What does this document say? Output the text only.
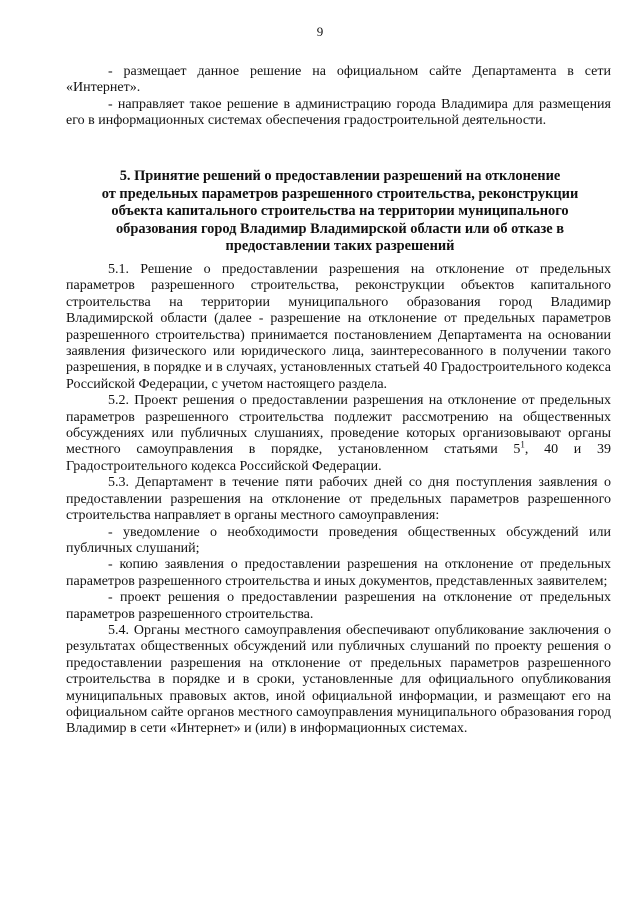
9

- размещает данное решение на официальном сайте Департамента в сети «Интернет».

- направляет такое решение в администрацию города Владимира для размещения его в информационных системах обеспечения градостроительной деятельности.

5. Принятие решений о предоставлении разрешений на отклонение
от предельных параметров разрешенного строительства, реконструкции
объекта капитального строительства на территории муниципального
образования город Владимир Владимирской области или об отказе в
предоставлении таких разрешений

5.1. Решение о предоставлении разрешения на отклонение от предельных параметров разрешенного строительства, реконструкции объектов капитального строительства на территории муниципального образования город Владимир Владимирской области (далее - разрешение на отклонение от предельных параметров разрешенного строительства) принимается постановлением Департамента на основании заявления физического или юридического лица, заинтересованного в получении такого разрешения, в порядке и в случаях, установленных статьей 40 Градостроительного кодекса Российской Федерации, с учетом настоящего раздела.

5.2. Проект решения о предоставлении разрешения на отклонение от предельных параметров разрешенного строительства подлежит рассмотрению на общественных обсуждениях или публичных слушаниях, проведение которых организовывают органы местного самоуправления в порядке, установленном статьями $5^1$, 40 и 39 Градостроительного кодекса Российской Федерации.

5.3. Департамент в течение пяти рабочих дней со дня поступления заявления о предоставлении разрешения на отклонение от предельных параметров разрешенного строительства направляет в органы местного самоуправления:

- уведомление о необходимости проведения общественных обсуждений или публичных слушаний;

- копию заявления о предоставлении разрешения на отклонение от предельных параметров разрешенного строительства и иных документов, представленных заявителем;

- проект решения о предоставлении разрешения на отклонение от предельных параметров разрешенного строительства.

5.4. Органы местного самоуправления обеспечивают опубликование заключения о результатах общественных обсуждений или публичных слушаний по проекту решения о предоставлении разрешения на отклонение от предельных параметров разрешенного строительства в порядке и в сроки, установленные для официального опубликования муниципальных правовых актов, иной официальной информации, и размещают его на официальном сайте органов местного самоуправления муниципального образования город Владимир в сети «Интернет» и (или) в информационных системах.
